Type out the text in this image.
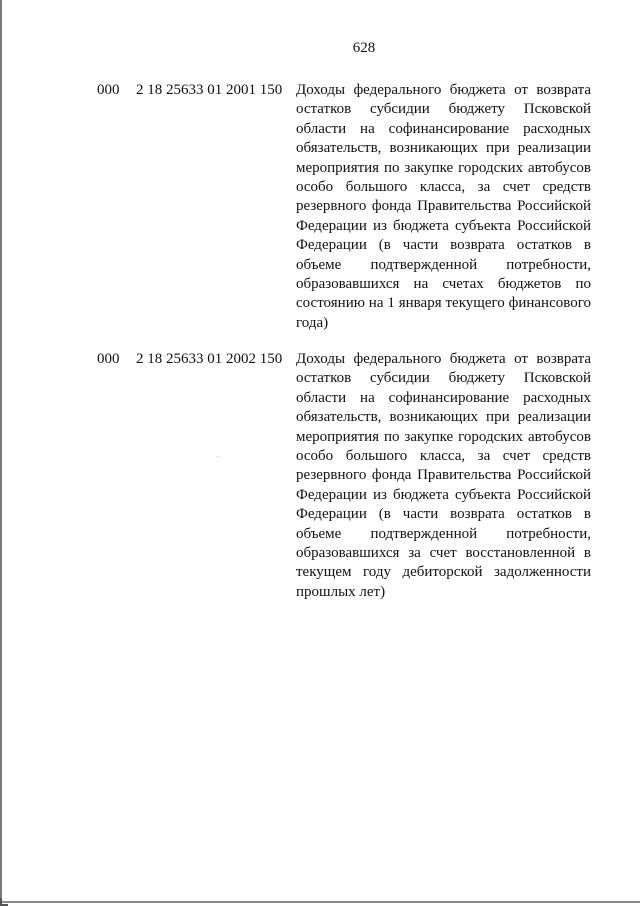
628
000 2 18 25633 01 2001 150 Доходы федерального бюджета от возврата остатков субсидии бюджету Псковской области на софинансирование расходных обязательств, возникающих при реализации мероприятия по закупке городских автобусов особо большого класса, за счет средств резервного фонда Правительства Российской Федерации из бюджета субъекта Российской Федерации (в части возврата остатков в объеме подтвержденной потребности, образовавшихся на счетах бюджетов по состоянию на 1 января текущего финансового года)
000 2 18 25633 01 2002 150 Доходы федерального бюджета от возврата остатков субсидии бюджету Псковской области на софинансирование расходных обязательств, возникающих при реализации мероприятия по закупке городских автобусов особо большого класса, за счет средств резервного фонда Правительства Российской Федерации из бюджета субъекта Российской Федерации (в части возврата остатков в объеме подтвержденной потребности, образовавшихся за счет восстановленной в текущем году дебиторской задолженности прошлых лет)
